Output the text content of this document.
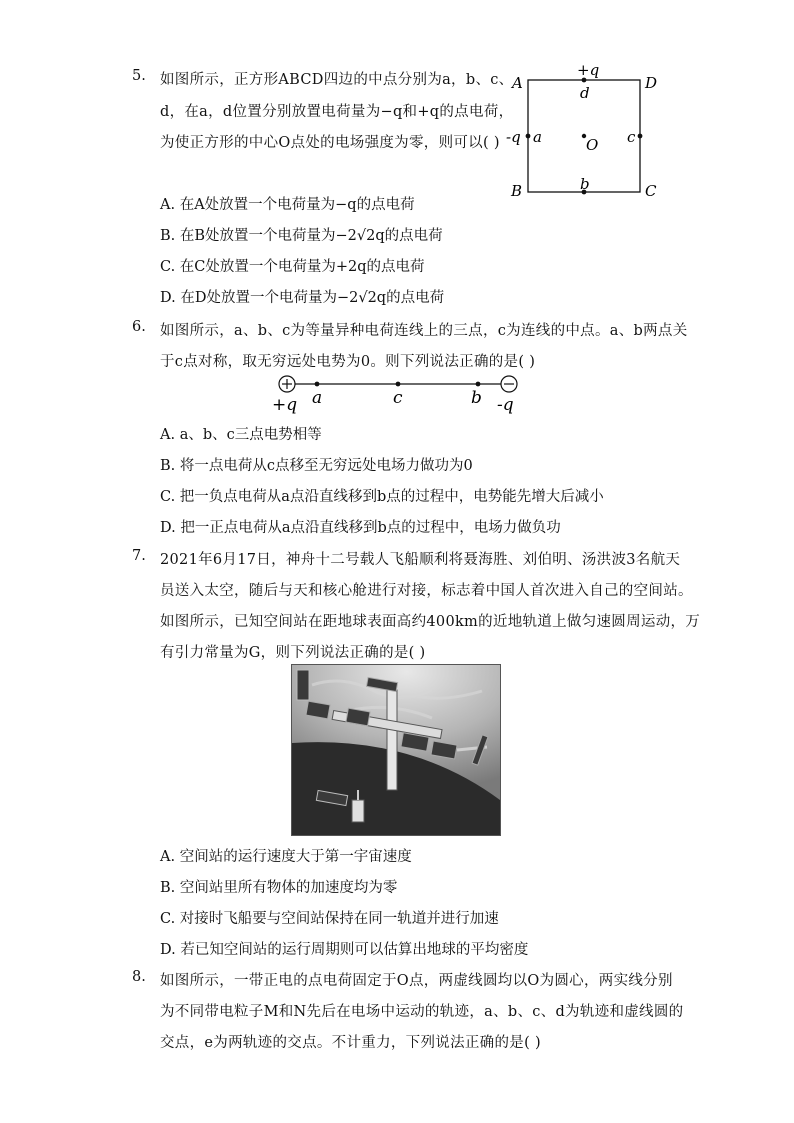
5. 如图所示，正方形ABCD四边的中点分别为a，b、c、
d，在a，d位置分别放置电荷量为−q和+q的点电荷，
为使正方形的中心O点处的电场强度为零，则可以( )
+q
d
A	D
-q a	O c
b
B	C
A. 在A处放置一个电荷量为−q的点电荷
B. 在B处放置一个电荷量为−2√2q的点电荷
C. 在C处放置一个电荷量为+2q的点电荷
D. 在D处放置一个电荷量为−2√2q的点电荷
6. 如图所示，a、b、c为等量异种电荷连线上的三点，c为连线的中点。a、b两点关
于c点对称，取无穷远处电势为0。则下列说法正确的是( )
+q a	c	b -q
A. a、b、c三点电势相等
B. 将一点电荷从c点移至无穷远处电场力做功为0
C. 把一负点电荷从a点沿直线移到b点的过程中，电势能先增大后减小
D. 把一正点电荷从a点沿直线移到b点的过程中，电场力做负功
7. 2021年6月17日，神舟十二号载人飞船顺利将聂海胜、刘伯明、汤洪波3名航天
员送入太空，随后与天和核心舱进行对接，标志着中国人首次进入自己的空间站。
如图所示，已知空间站在距地球表面高约400km的近地轨道上做匀速圆周运动，万
有引力常量为G，则下列说法正确的是( )
A. 空间站的运行速度大于第一宇宙速度
B. 空间站里所有物体的加速度均为零
C. 对接时飞船要与空间站保持在同一轨道并进行加速
D. 若已知空间站的运行周期则可以估算出地球的平均密度
8. 如图所示，一带正电的点电荷固定于O点，两虚线圆均以O为圆心，两实线分别
为不同带电粒子M和N先后在电场中运动的轨迹，a、b、c、d为轨迹和虚线圆的
交点，e为两轨迹的交点。不计重力，下列说法正确的是( )
